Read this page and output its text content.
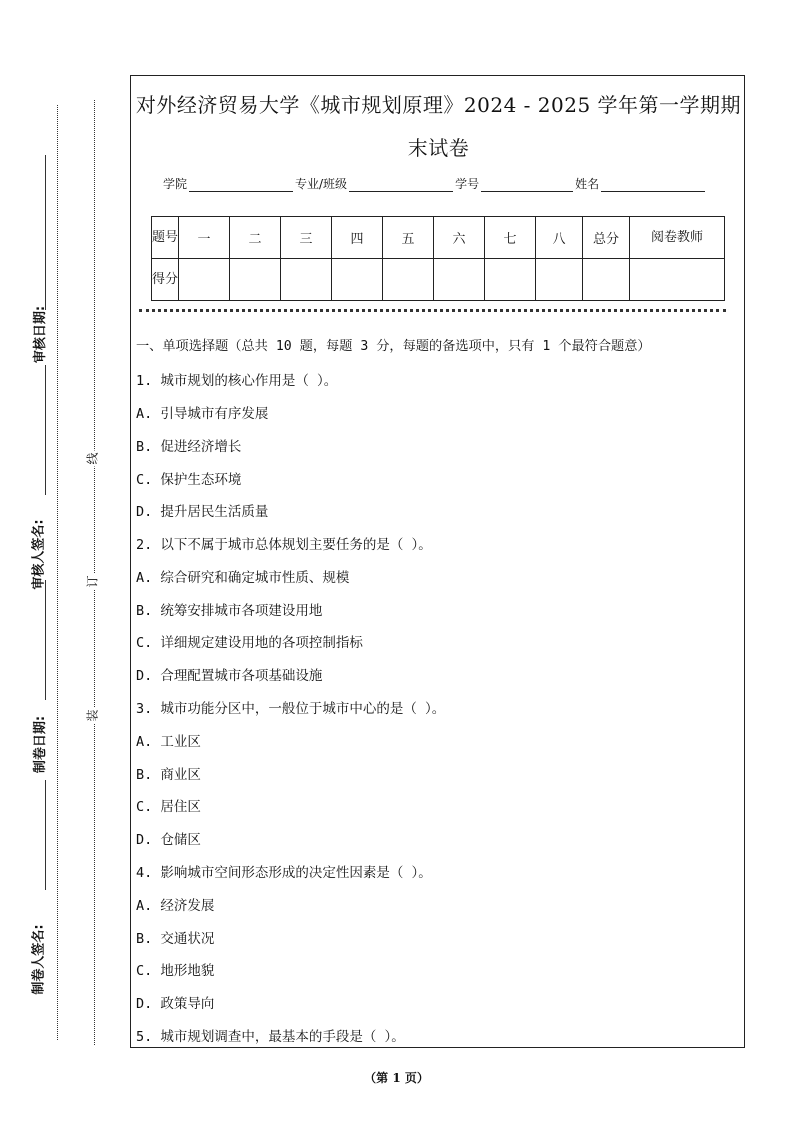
审核日期:
审核人签名:
制卷日期:
制卷人签名:
线
订
装
对外经济贸易大学《城市规划原理》2024 - 2025 学年第一学期期
末试卷
学院	专业/班级	学号	姓名
题号	一	二	三	四	五	六	七	八	总分	阅卷教师
得分										
一、单项选择题（总共 10 题，每题 3 分，每题的备选项中，只有 1 个最符合题意）
1. 城市规划的核心作用是（ ）。
A. 引导城市有序发展
B. 促进经济增长
C. 保护生态环境
D. 提升居民生活质量
2. 以下不属于城市总体规划主要任务的是（ ）。
A. 综合研究和确定城市性质、规模
B. 统筹安排城市各项建设用地
C. 详细规定建设用地的各项控制指标
D. 合理配置城市各项基础设施
3. 城市功能分区中，一般位于城市中心的是（ ）。
A. 工业区
B. 商业区
C. 居住区
D. 仓储区
4. 影响城市空间形态形成的决定性因素是（ ）。
A. 经济发展
B. 交通状况
C. 地形地貌
D. 政策导向
5. 城市规划调查中，最基本的手段是（ ）。
（第 1 页）
